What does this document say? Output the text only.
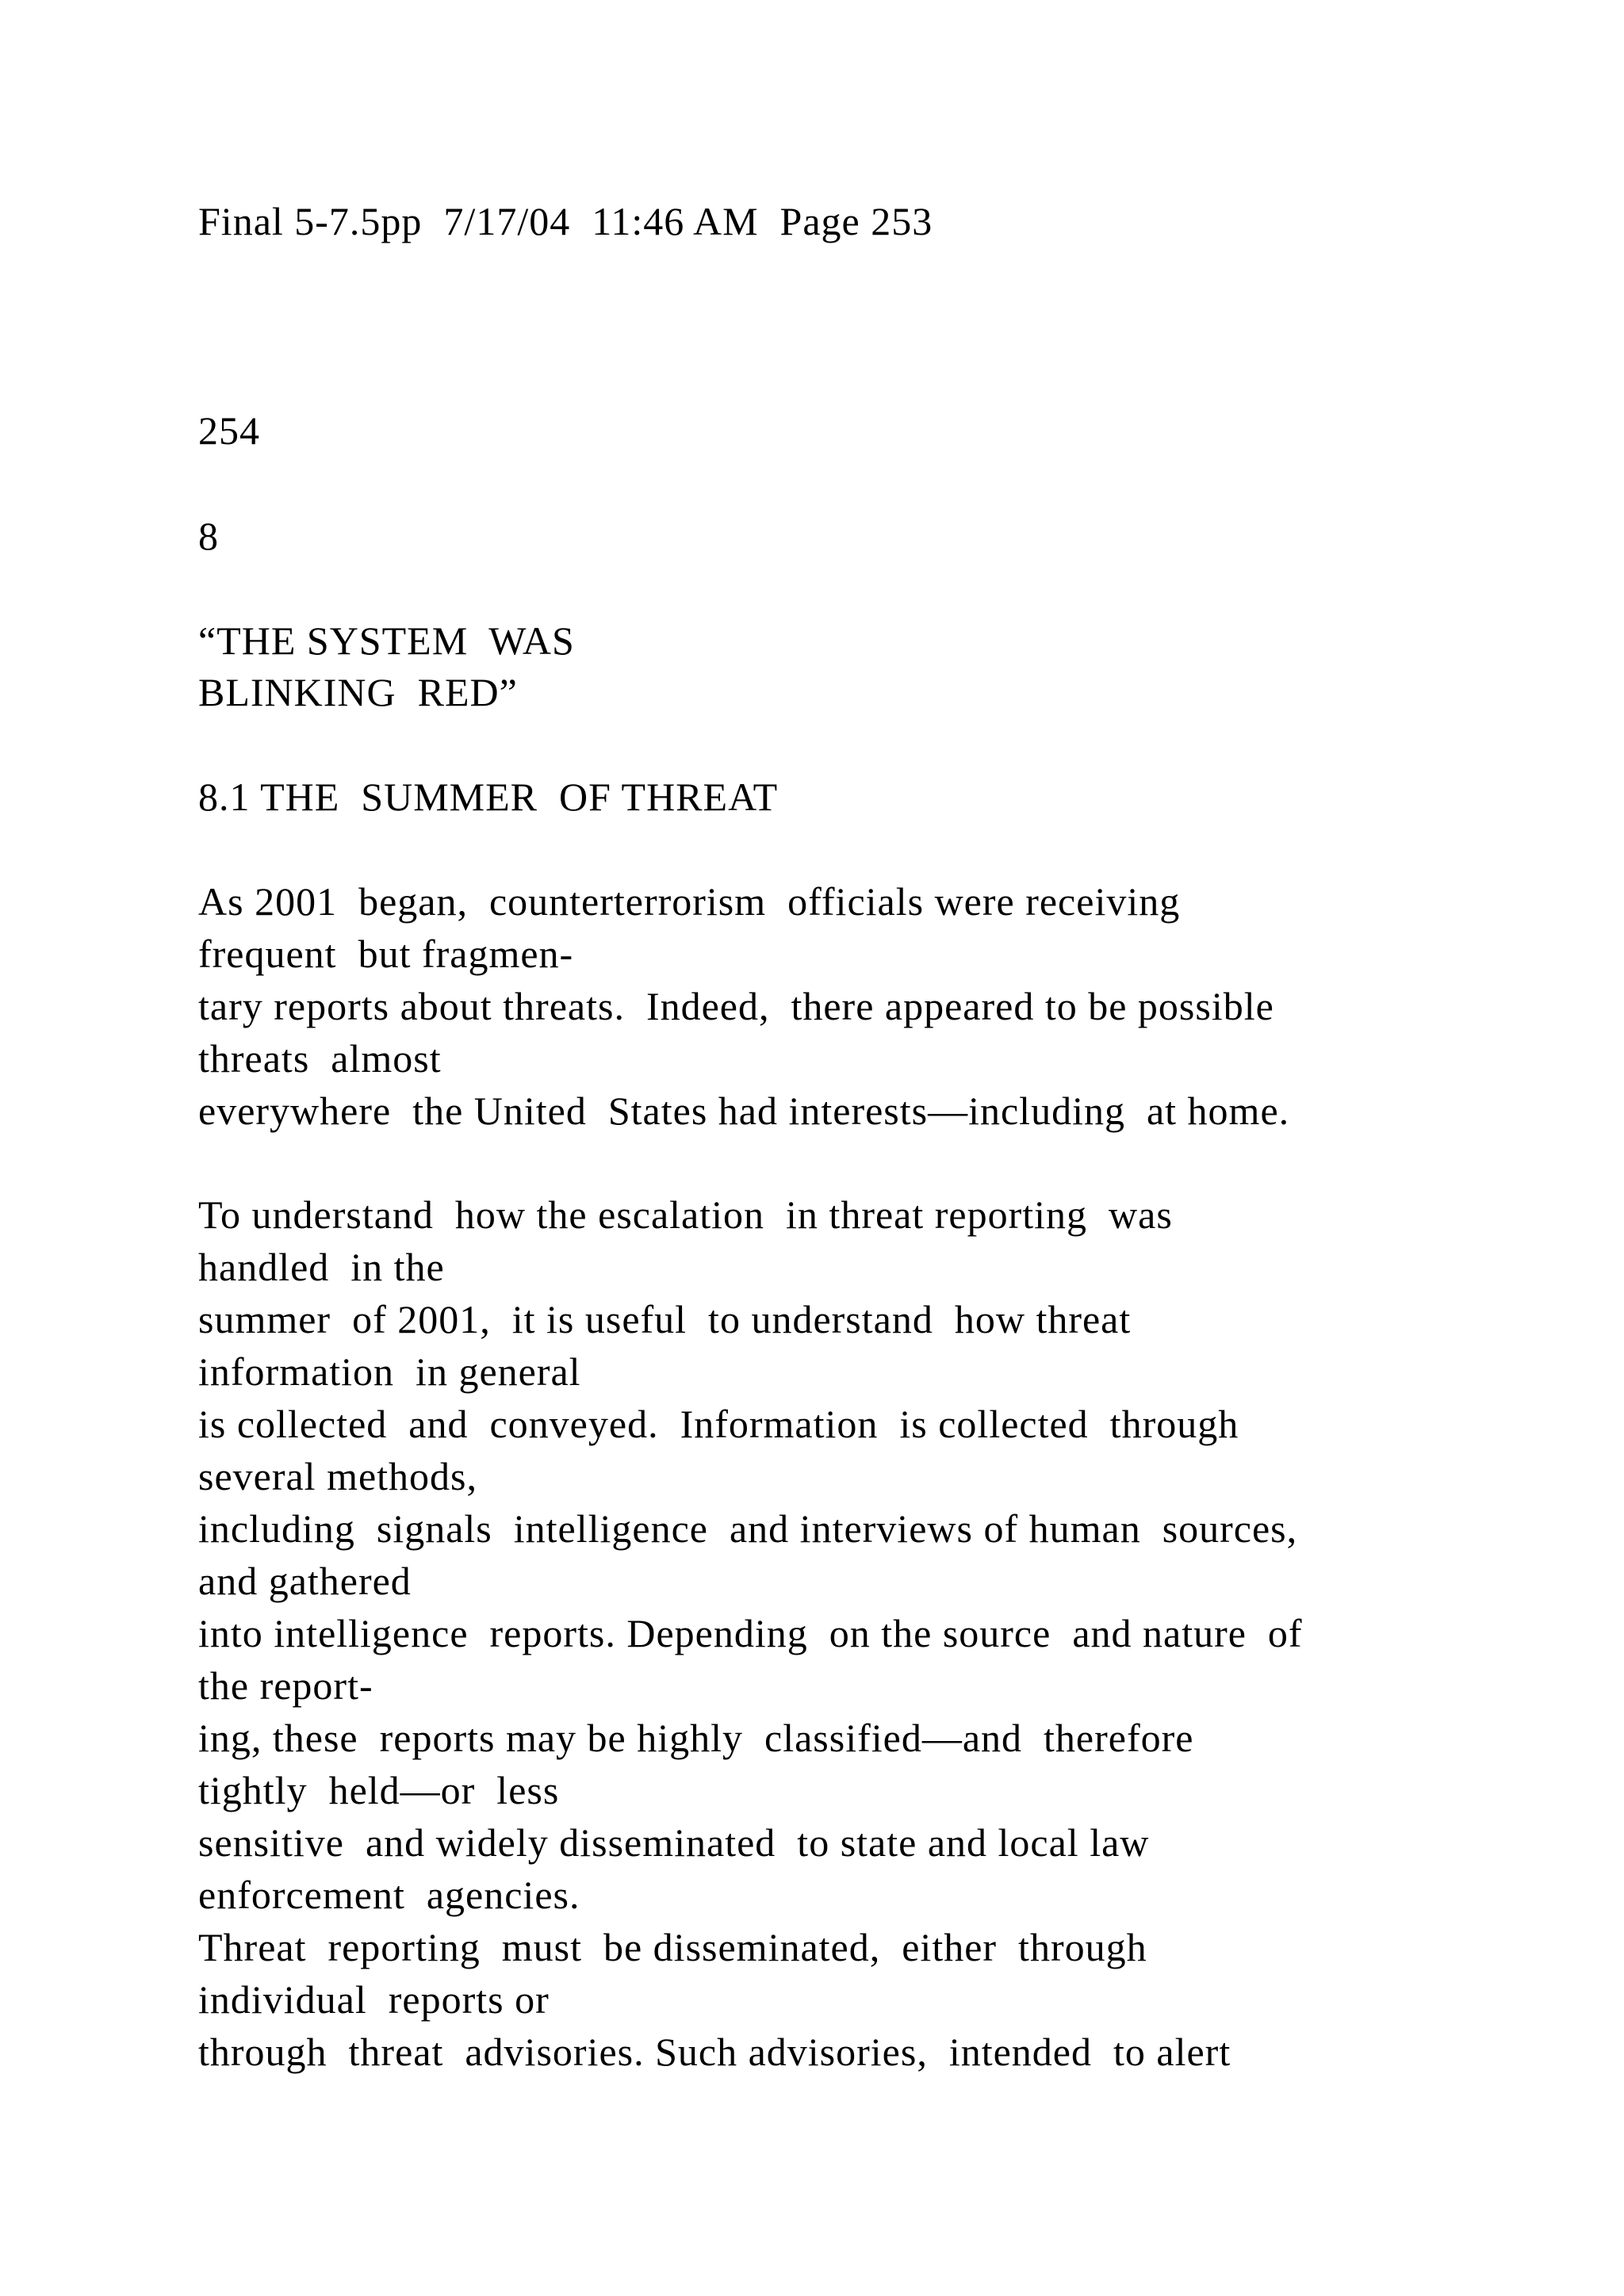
Final 5-7.5pp  7/17/04  11:46 AM  Page 253

254

8

“THE SYSTEM  WAS

BLINKING  RED”

8.1 THE  SUMMER  OF THREAT

As 2001  began,  counterterrorism  officials were receiving

frequent  but fragmen-

tary reports about threats.  Indeed,  there appeared to be possible

threats  almost

everywhere  the United  States had interests—including  at home.

To understand  how the escalation  in threat reporting  was

handled  in the

summer  of 2001,  it is useful  to understand  how threat

information  in general

is collected  and  conveyed.  Information  is collected  through

several methods,

including  signals  intelligence  and interviews of human  sources,

and gathered

into intelligence  reports. Depending  on the source  and nature  of

the report-

ing, these  reports may be highly  classified—and  therefore

tightly  held—or  less

sensitive  and widely disseminated  to state and local law

enforcement  agencies.

Threat  reporting  must  be disseminated,  either  through

individual  reports or

through  threat  advisories. Such advisories,  intended  to alert
